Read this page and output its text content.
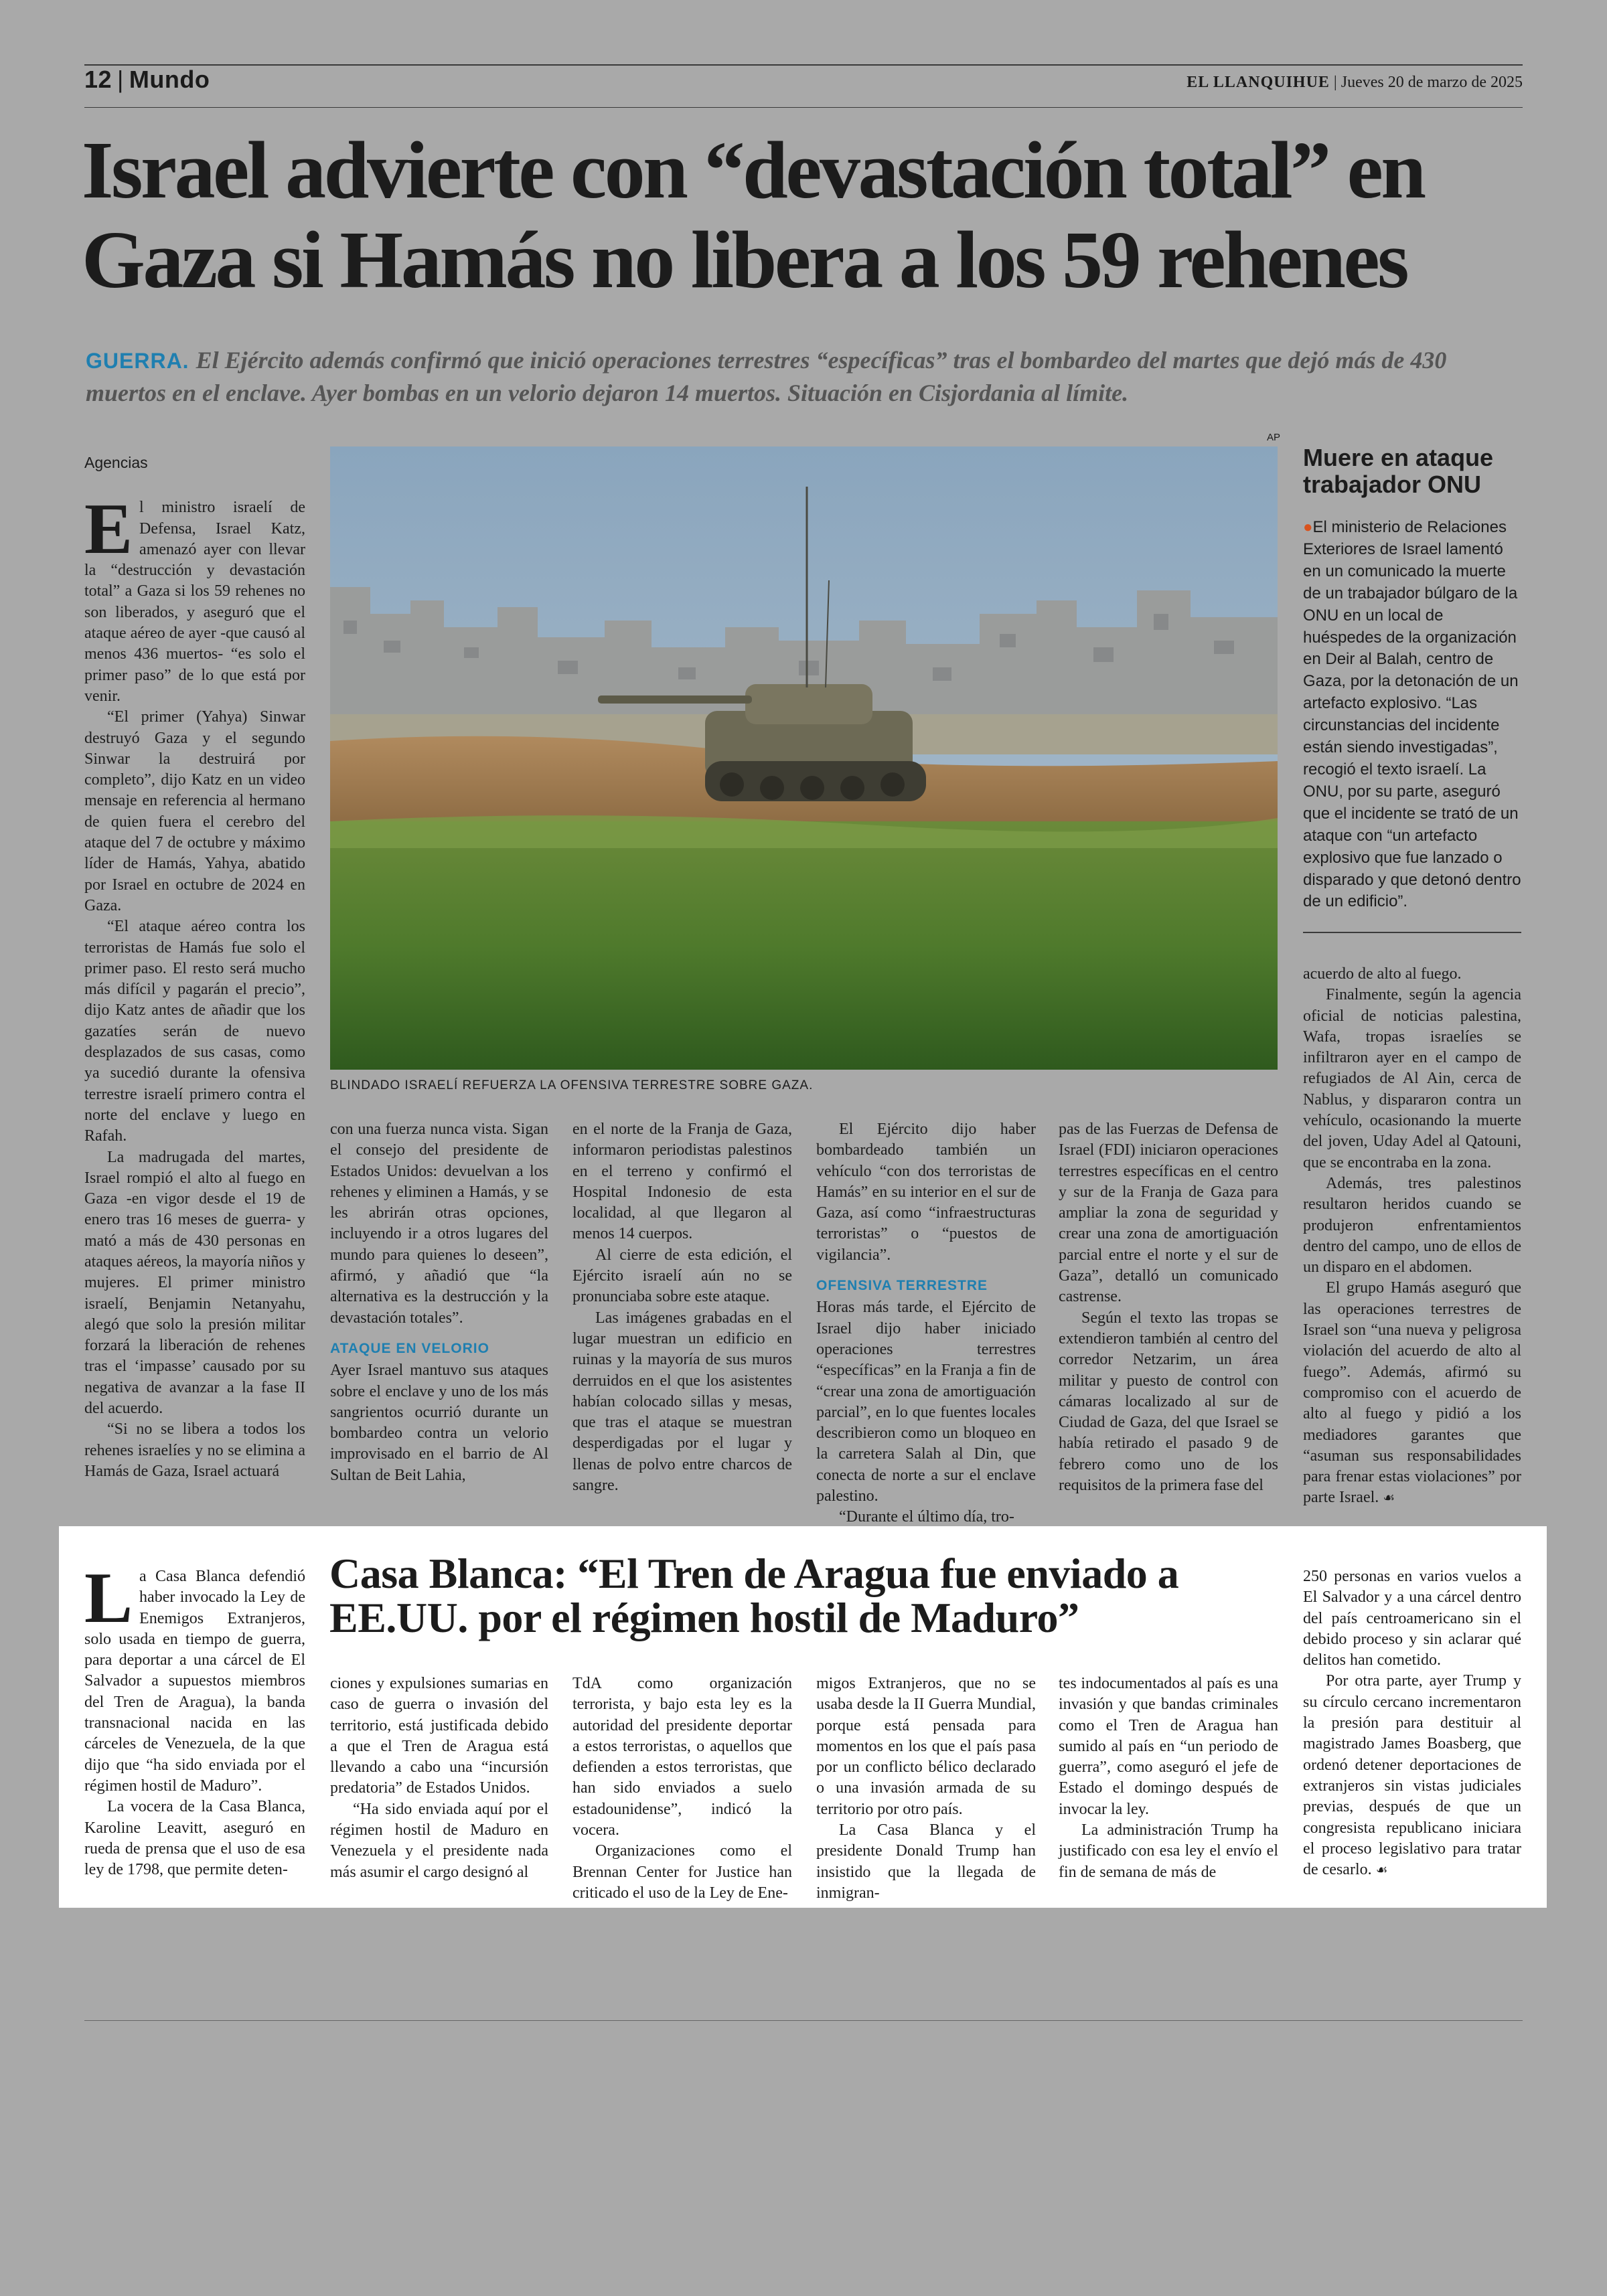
12 | Mundo	EL LLANQUIHUE | Jueves 20 de marzo de 2025
Israel advierte con “devastación total” en
Gaza si Hamás no libera a los 59 rehenes

GUERRA. El Ejército además confirmó que inició operaciones terrestres “específicas” tras el bombardeo del martes que dejó más de 430 muertos en el enclave. Ayer bombas en un velorio dejaron 14 muertos. Situación en Cisjordania al límite.

Agencias

El ministro israelí de Defensa, Israel Katz, amenazó ayer con llevar la “destrucción y devastación total” a Gaza si los 59 rehenes no son liberados, y aseguró que el ataque aéreo de ayer -que causó al menos 436 muertos- “es solo el primer paso” de lo que está por venir.

“El primer (Yahya) Sinwar destruyó Gaza y el segundo Sinwar la destruirá por completo”, dijo Katz en un video mensaje en referencia al hermano de quien fuera el cerebro del ataque del 7 de octubre y máximo líder de Hamás, Yahya, abatido por Israel en octubre de 2024 en Gaza.

“El ataque aéreo contra los terroristas de Hamás fue solo el primer paso. El resto será mucho más difícil y pagarán el precio”, dijo Katz antes de añadir que los gazatíes serán de nuevo desplazados de sus casas, como ya sucedió durante la ofensiva terrestre israelí primero contra el norte del enclave y luego en Rafah.

La madrugada del martes, Israel rompió el alto al fuego en Gaza -en vigor desde el 19 de enero tras 16 meses de guerra- y mató a más de 430 personas en ataques aéreos, la mayoría niños y mujeres. El primer ministro israelí, Benjamin Netanyahu, alegó que solo la presión militar forzará la liberación de rehenes tras el ‘impasse’ causado por su negativa de avanzar a la fase II del acuerdo.

“Si no se libera a todos los rehenes israelíes y no se elimina a Hamás de Gaza, Israel actuará

AP
BLINDADO ISRAELÍ REFUERZA LA OFENSIVA TERRESTRE SOBRE GAZA.

con una fuerza nunca vista. Sigan el consejo del presidente de Estados Unidos: devuelvan a los rehenes y eliminen a Hamás, y se les abrirán otras opciones, incluyendo ir a otros lugares del mundo para quienes lo deseen”, afirmó, y añadió que “la alternativa es la destrucción y la devastación totales”.

ATAQUE EN VELORIO

Ayer Israel mantuvo sus ataques sobre el enclave y uno de los más sangrientos ocurrió durante un bombardeo contra un velorio improvisado en el barrio de Al Sultan de Beit Lahia,

en el norte de la Franja de Gaza, informaron periodistas palestinos en el terreno y confirmó el Hospital Indonesio de esta localidad, al que llegaron al menos 14 cuerpos.

Al cierre de esta edición, el Ejército israelí aún no se pronunciaba sobre este ataque.

Las imágenes grabadas en el lugar muestran un edificio en ruinas y la mayoría de sus muros derruidos en el que los asistentes habían colocado sillas y mesas, que tras el ataque se muestran desperdigadas por el lugar y llenas de polvo entre charcos de sangre.

El Ejército dijo haber bombardeado también un vehículo “con dos terroristas de Hamás” en su interior en el sur de Gaza, así como “infraestructuras terroristas” o “puestos de vigilancia”.

OFENSIVA TERRESTRE

Horas más tarde, el Ejército de Israel dijo haber iniciado operaciones terrestres “específicas” en la Franja a fin de “crear una zona de amortiguación parcial”, en lo que fuentes locales describieron como un bloqueo en la carretera Salah al Din, que conecta de norte a sur el enclave palestino.

“Durante el último día, tro-

pas de las Fuerzas de Defensa de Israel (FDI) iniciaron operaciones terrestres específicas en el centro y sur de la Franja de Gaza para ampliar la zona de seguridad y crear una zona de amortiguación parcial entre el norte y el sur de Gaza”, detalló un comunicado castrense.

Según el texto las tropas se extendieron también al centro del corredor Netzarim, un área militar y puesto de control con cámaras localizado al sur de Ciudad de Gaza, del que Israel se había retirado el pasado 9 de febrero como uno de los requisitos de la primera fase del

Muere en ataque trabajador ONU
●El ministerio de Relaciones Exteriores de Israel lamentó en un comunicado la muerte de un trabajador búlgaro de la ONU en un local de huéspedes de la organización en Deir al Balah, centro de Gaza, por la detonación de un artefacto explosivo. “Las circunstancias del incidente están siendo investigadas”, recogió el texto israelí. La ONU, por su parte, aseguró que el incidente se trató de un ataque con “un artefacto explosivo que fue lanzado o disparado y que detonó dentro de un edificio”.

acuerdo de alto al fuego.

Finalmente, según la agencia oficial de noticias palestina, Wafa, tropas israelíes se infiltraron ayer en el campo de refugiados de Al Ain, cerca de Nablus, y dispararon contra un vehículo, ocasionando la muerte del joven, Uday Adel al Qatouni, que se encontraba en la zona.

Además, tres palestinos resultaron heridos cuando se produjeron enfrentamientos dentro del campo, uno de ellos de un disparo en el abdomen.

El grupo Hamás aseguró que las operaciones terrestres de Israel son “una nueva y peligrosa violación del acuerdo de alto al fuego”. Además, afirmó su compromiso con el acuerdo de alto al fuego y pidió a los mediadores garantes que “asuman sus responsabilidades para frenar estas violaciones” por parte Israel. ☙

Casa Blanca: “El Tren de Aragua fue enviado a EE.UU. por el régimen hostil de Maduro”

La Casa Blanca defendió haber invocado la Ley de Enemigos Extranjeros, solo usada en tiempo de guerra, para deportar a una cárcel de El Salvador a supuestos miembros del Tren de Aragua), la banda transnacional nacida en las cárceles de Venezuela, de la que dijo que “ha sido enviada por el régimen hostil de Maduro”.

La vocera de la Casa Blanca, Karoline Leavitt, aseguró en rueda de prensa que el uso de esa ley de 1798, que permite deten-

ciones y expulsiones sumarias en caso de guerra o invasión del territorio, está justificada debido a que el Tren de Aragua está llevando a cabo una “incursión predatoria” de Estados Unidos.

“Ha sido enviada aquí por el régimen hostil de Maduro en Venezuela y el presidente nada más asumir el cargo designó al

TdA como organización terrorista, y bajo esta ley es la autoridad del presidente deportar a estos terroristas, o aquellos que defienden a estos terroristas, que han sido enviados a suelo estadounidense”, indicó la vocera.

Organizaciones como el Brennan Center for Justice han criticado el uso de la Ley de Ene-

migos Extranjeros, que no se usaba desde la II Guerra Mundial, porque está pensada para momentos en los que el país pasa por un conflicto bélico declarado o una invasión armada de su territorio por otro país.

La Casa Blanca y el presidente Donald Trump han insistido que la llegada de inmigran-

tes indocumentados al país es una invasión y que bandas criminales como el Tren de Aragua han sumido al país en “un periodo de guerra”, como aseguró el jefe de Estado el domingo después de invocar la ley.

La administración Trump ha justificado con esa ley el envío el fin de semana de más de

250 personas en varios vuelos a El Salvador y a una cárcel dentro del país centroamericano sin el debido proceso y sin aclarar qué delitos han cometido.

Por otra parte, ayer Trump y su círculo cercano incrementaron la presión para destituir al magistrado James Boasberg, que ordenó detener deportaciones de extranjeros sin vistas judiciales previas, después de que un congresista republicano iniciara el proceso legislativo para tratar de cesarlo. ☙
